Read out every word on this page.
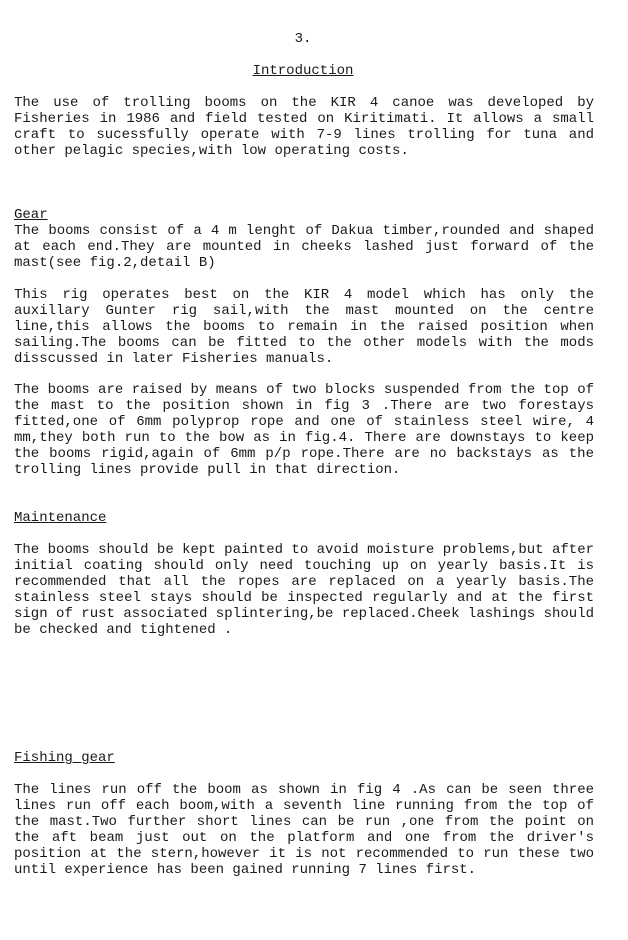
3.
Introduction

The use of trolling booms on the KIR 4 canoe was developed by Fisheries in 1986 and field tested on Kiritimati. It allows a small craft to sucessfully operate with 7-9 lines trolling for tuna and other pelagic species,with low operating costs.

Gear

The booms consist of a 4 m lenght of Dakua timber,rounded and shaped at each end.They are mounted in cheeks lashed just forward of the mast(see fig.2,detail B)

This rig operates best on the KIR 4 model which has only the auxillary Gunter rig sail,with the mast mounted on the centre line,this allows the booms to remain in the raised position when sailing.The booms can be fitted to the other models with the mods disscussed in later Fisheries manuals.

The booms are raised by means of two blocks suspended from the top of the mast to the position shown in fig 3 .There are two forestays fitted,one of 6mm polyprop rope and one of stainless steel wire, 4 mm,they both run to the bow as in fig.4. There are downstays to keep the booms rigid,again of 6mm p/p rope.There are no backstays as the trolling lines provide pull in that direction.

Maintenance

The booms should be kept painted to avoid moisture problems,but after initial coating should only need touching up on yearly basis.It is recommended that all the ropes are replaced on a yearly basis.The stainless steel stays should be inspected regularly and at the first sign of rust associated splintering,be replaced.Cheek lashings should be checked and tightened .

Fishing gear

The lines run off the boom as shown in fig 4 .As can be seen three lines run off each boom,with a seventh line running from the top of the mast.Two further short lines can be run ,one from the point on the aft beam just out on the platform and one from the driver's position at the stern,however it is not recommended to run these two until experience has been gained running 7 lines first.
